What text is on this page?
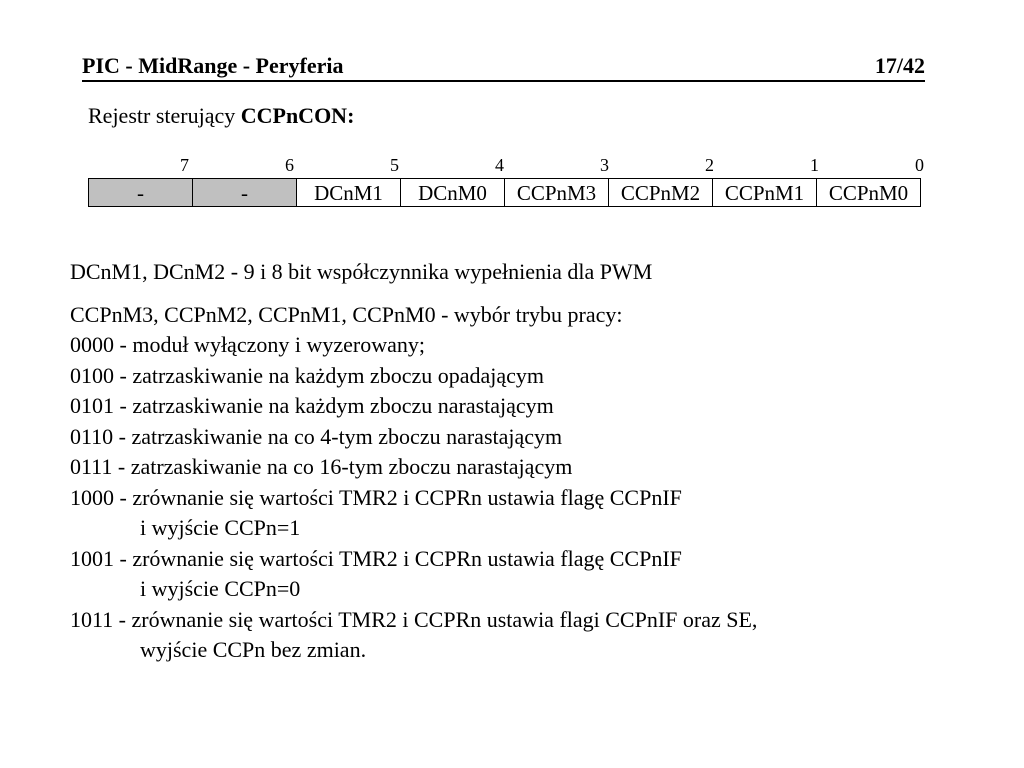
PIC - MidRange - Peryferia	17/42
Rejestr sterujący CCPnCON:
7	6	5	4	3	2	1	0
-	-	DCnM1	DCnM0	CCPnM3	CCPnM2	CCPnM1	CCPnM0
DCnM1, DCnM2 - 9 i 8 bit współczynnika wypełnienia dla PWM
CCPnM3, CCPnM2, CCPnM1, CCPnM0 - wybór trybu pracy:
0000 - moduł wyłączony i wyzerowany;
0100 - zatrzaskiwanie na każdym zboczu opadającym
0101 - zatrzaskiwanie na każdym zboczu narastającym
0110 - zatrzaskiwanie na co 4-tym zboczu narastającym
0111 - zatrzaskiwanie na co 16-tym zboczu narastającym
1000 - zrównanie się wartości TMR2 i CCPRn ustawia flagę CCPnIF
i wyjście CCPn=1
1001 - zrównanie się wartości TMR2 i CCPRn ustawia flagę CCPnIF
i wyjście CCPn=0
1011 - zrównanie się wartości TMR2 i CCPRn ustawia flagi CCPnIF oraz SE,
wyjście CCPn bez zmian.
